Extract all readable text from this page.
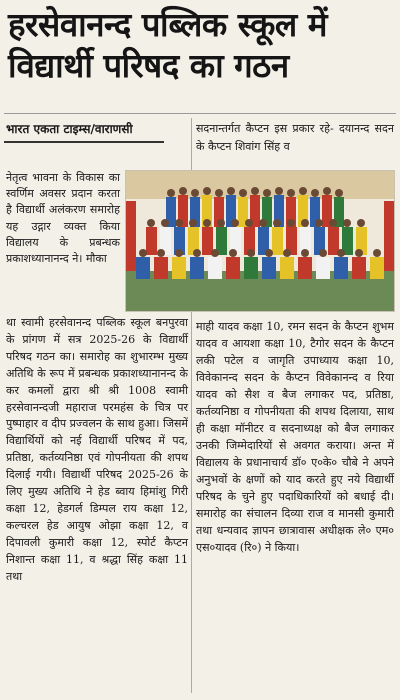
हरसेवानन्द पब्लिक स्कूल में
विद्यार्थी परिषद का गठन
भारत एकता टाइम्स/वाराणसी	सदनान्तर्गत कैप्टन इस प्रकार रहे- दयानन्द सदन के कैप्टन शिवांग सिंह व
नेतृत्व भावना के विकास का स्वर्णिम अवसर प्रदान करता है विद्यार्थी अलंकरण समारोह यह उद्गार व्यक्त किया विद्यालय के प्रबन्धक प्रकाशध्यानानन्द ने। मौका
था स्वामी हरसेवानन्द पब्लिक स्कूल बनपुरवा के प्रांगण में सत्र 2025-26 के विद्यार्थी परिषद गठन का। समारोह का शुभारम्भ मुख्य अतिथि के रूप में प्रबन्धक प्रकाशध्यानानन्द के कर कमलों द्वारा श्री श्री 1008 स्वामी हरसेवानन्दजी महाराज परमहंस के चित्र पर पुष्पाहार व दीप प्रज्वलन के साथ हुआ। जिसमें विद्यार्थियों को नई विद्यार्थी परिषद में पद, प्रतिष्ठा, कर्तव्यनिष्ठा एवं गोपनीयता की शपथ दिलाई गयी। विद्यार्थी परिषद 2025-26 के लिए मुख्य अतिथि ने हेड ब्वाय हिमांशु गिरी कक्षा 12, हेडगर्ल डिम्पल राय कक्षा 12, कल्चरल हेड आयुष ओझा कक्षा 12, व दिपावली कुमारी कक्षा 12, स्पोर्ट कैप्टन निशान्त कक्षा 11, व श्रद्धा सिंह कक्षा 11 तथा
माही यादव कक्षा 10, रमन सदन के कैप्टन शुभम यादव व आयशा कक्षा 10, टैगोर सदन के कैप्टन लकी पटेल व जागृति उपाध्याय कक्षा 10, विवेकानन्द सदन के कैप्टन विवेकानन्द व रिया यादव को सैश व बैज लगाकर पद, प्रतिष्ठा, कर्तव्यनिष्ठा व गोपनीयता की शपथ दिलाया, साथ ही कक्षा मॉनीटर व सदनाध्यक्ष को बैज लगाकर उनकी जिम्मेदारियों से अवगत कराया। अन्त में विद्यालय के प्रधानाचार्य डॉ० ए०के० चौबे ने अपने अनुभवों के क्षणों को याद करते हुए नये विद्यार्थी परिषद के चुने हुए पदाधिकारियों को बधाई दी। समारोह का संचालन दिव्या राज व मानसी कुमारी तथा धन्यवाद ज्ञापन छात्रावास अधीक्षक ले० एम० एस०यादव (रि०) ने किया।
